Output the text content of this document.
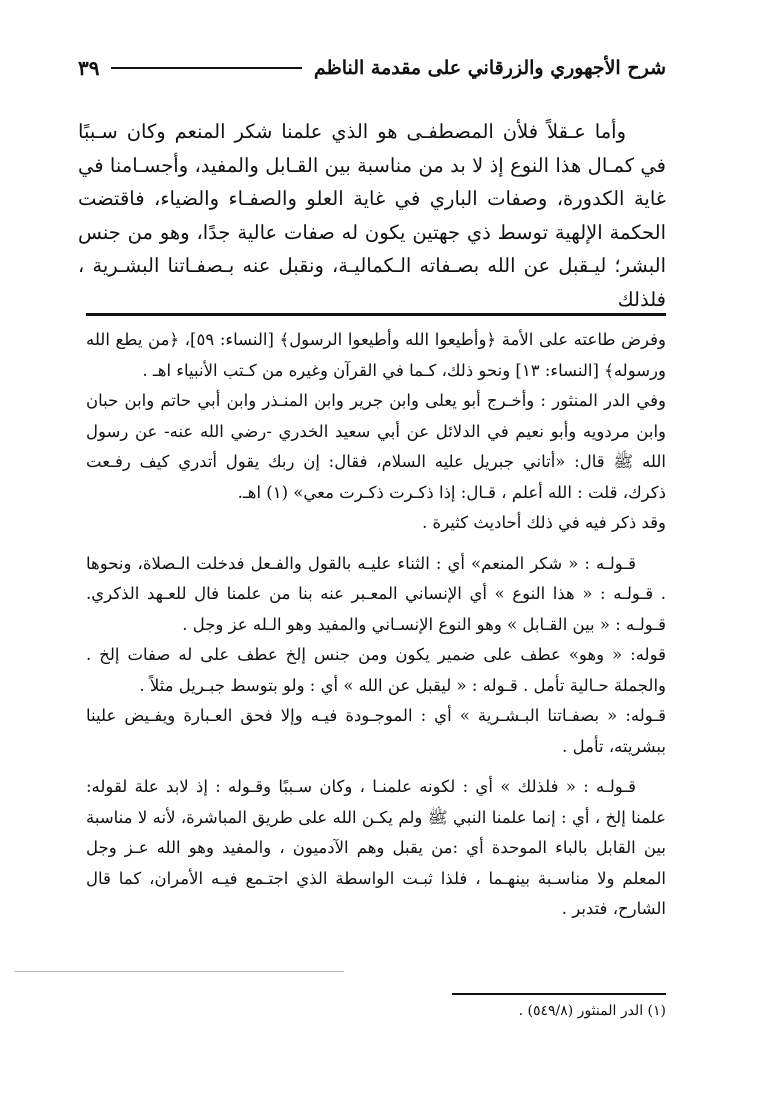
شرح الأجهوري والزرقاني على مقدمة الناظم
٣٩

وأما عـقلاً فلأن المصطفـى هو الذي علمنا شكر المنعم وكان سـببًا في كمـال هذا النوع إذ لا بد من مناسبة بين القـابل والمفيد، وأجسـامنا في غاية الكدورة، وصفات الباري في غاية العلو والصفـاء والضياء، فاقتضت الحكمة الإلهية توسط ذي جهتين يكون له صفات عالية جدًا، وهو من جنس البشر؛ ليـقبل عن الله بصـفاته الـكماليـة، ونقبل عنه بـصفـاتنا البشـرية ، فلذلك

وفرض طاعته على الأمة ﴿وأطيعوا الله وأطيعوا الرسول﴾ [النساء: ٥٩]، ﴿من يطع الله ورسوله﴾ [النساء: ١٣] ونحو ذلك، كـما في القرآن وغيره من كـتب الأنبياء اهـ .

وفي الدر المنثور : وأخـرج أبو يعلى وابن جرير وابن المنـذر وابن أبي حاتم وابن حبان وابن مردويه وأبو نعيم في الدلائل عن أبي سعيد الخدري -رضي الله عنه- عن رسول الله ﷺ قال: «أتاني جبريل عليه السلام، فقال: إن ربك يقول أتدري كيف رفـعت ذكرك، قلت : الله أعلم ، قـال: إذا ذكـرت ذكـرت معي» (١) اهـ.

وقد ذكر فيه في ذلك أحاديث كثيرة .

قـولـه : « شكر المنعم» أي : الثناء عليـه بالقول والفـعل فدخلت الـصلاة، ونحوها . قـولـه : « هذا النوع » أي الإنساني المعـبر عنه بنا من علمنا فال للعـهد الذكري. قـولـه : « بين القـابل » وهو النوع الإنسـاني والمفيد وهو الـله عز وجل .

قوله: « وهو» عطف على ضمير يكون ومن جنس إلخ عطف على له صفات إلخ . والجملة حـالية تأمل . قـوله : « ليقبل عن الله » أي : ولو بتوسط جبـريل مثلاً .

قـوله: « بصفـاتنا البـشـرية » أي : الموجـودة فيـه وإلا فحق العـبارة ويفـيض علينا ببشريته، تأمل .

قـولـه : « فلذلك » أي : لكونه علمنـا ، وكان سـببًا وقـوله : إذ لابد علة لقوله: علمنا إلخ ، أي : إنما علمنا النبي ﷺ ولم يكـن الله على طريق المباشرة، لأنه لا مناسبة بين القابل بالباء الموحدة أي :من يقبل وهم الآدميون ، والمفيد وهو الله عـز وجل المعلم ولا مناسـبة بينهـما ، فلذا ثبـت الواسطة الذي اجتـمع فيـه الأمران، كما قال الشارح، فتدبر .

(١) الدر المنثور (٥٤٩/٨) .
